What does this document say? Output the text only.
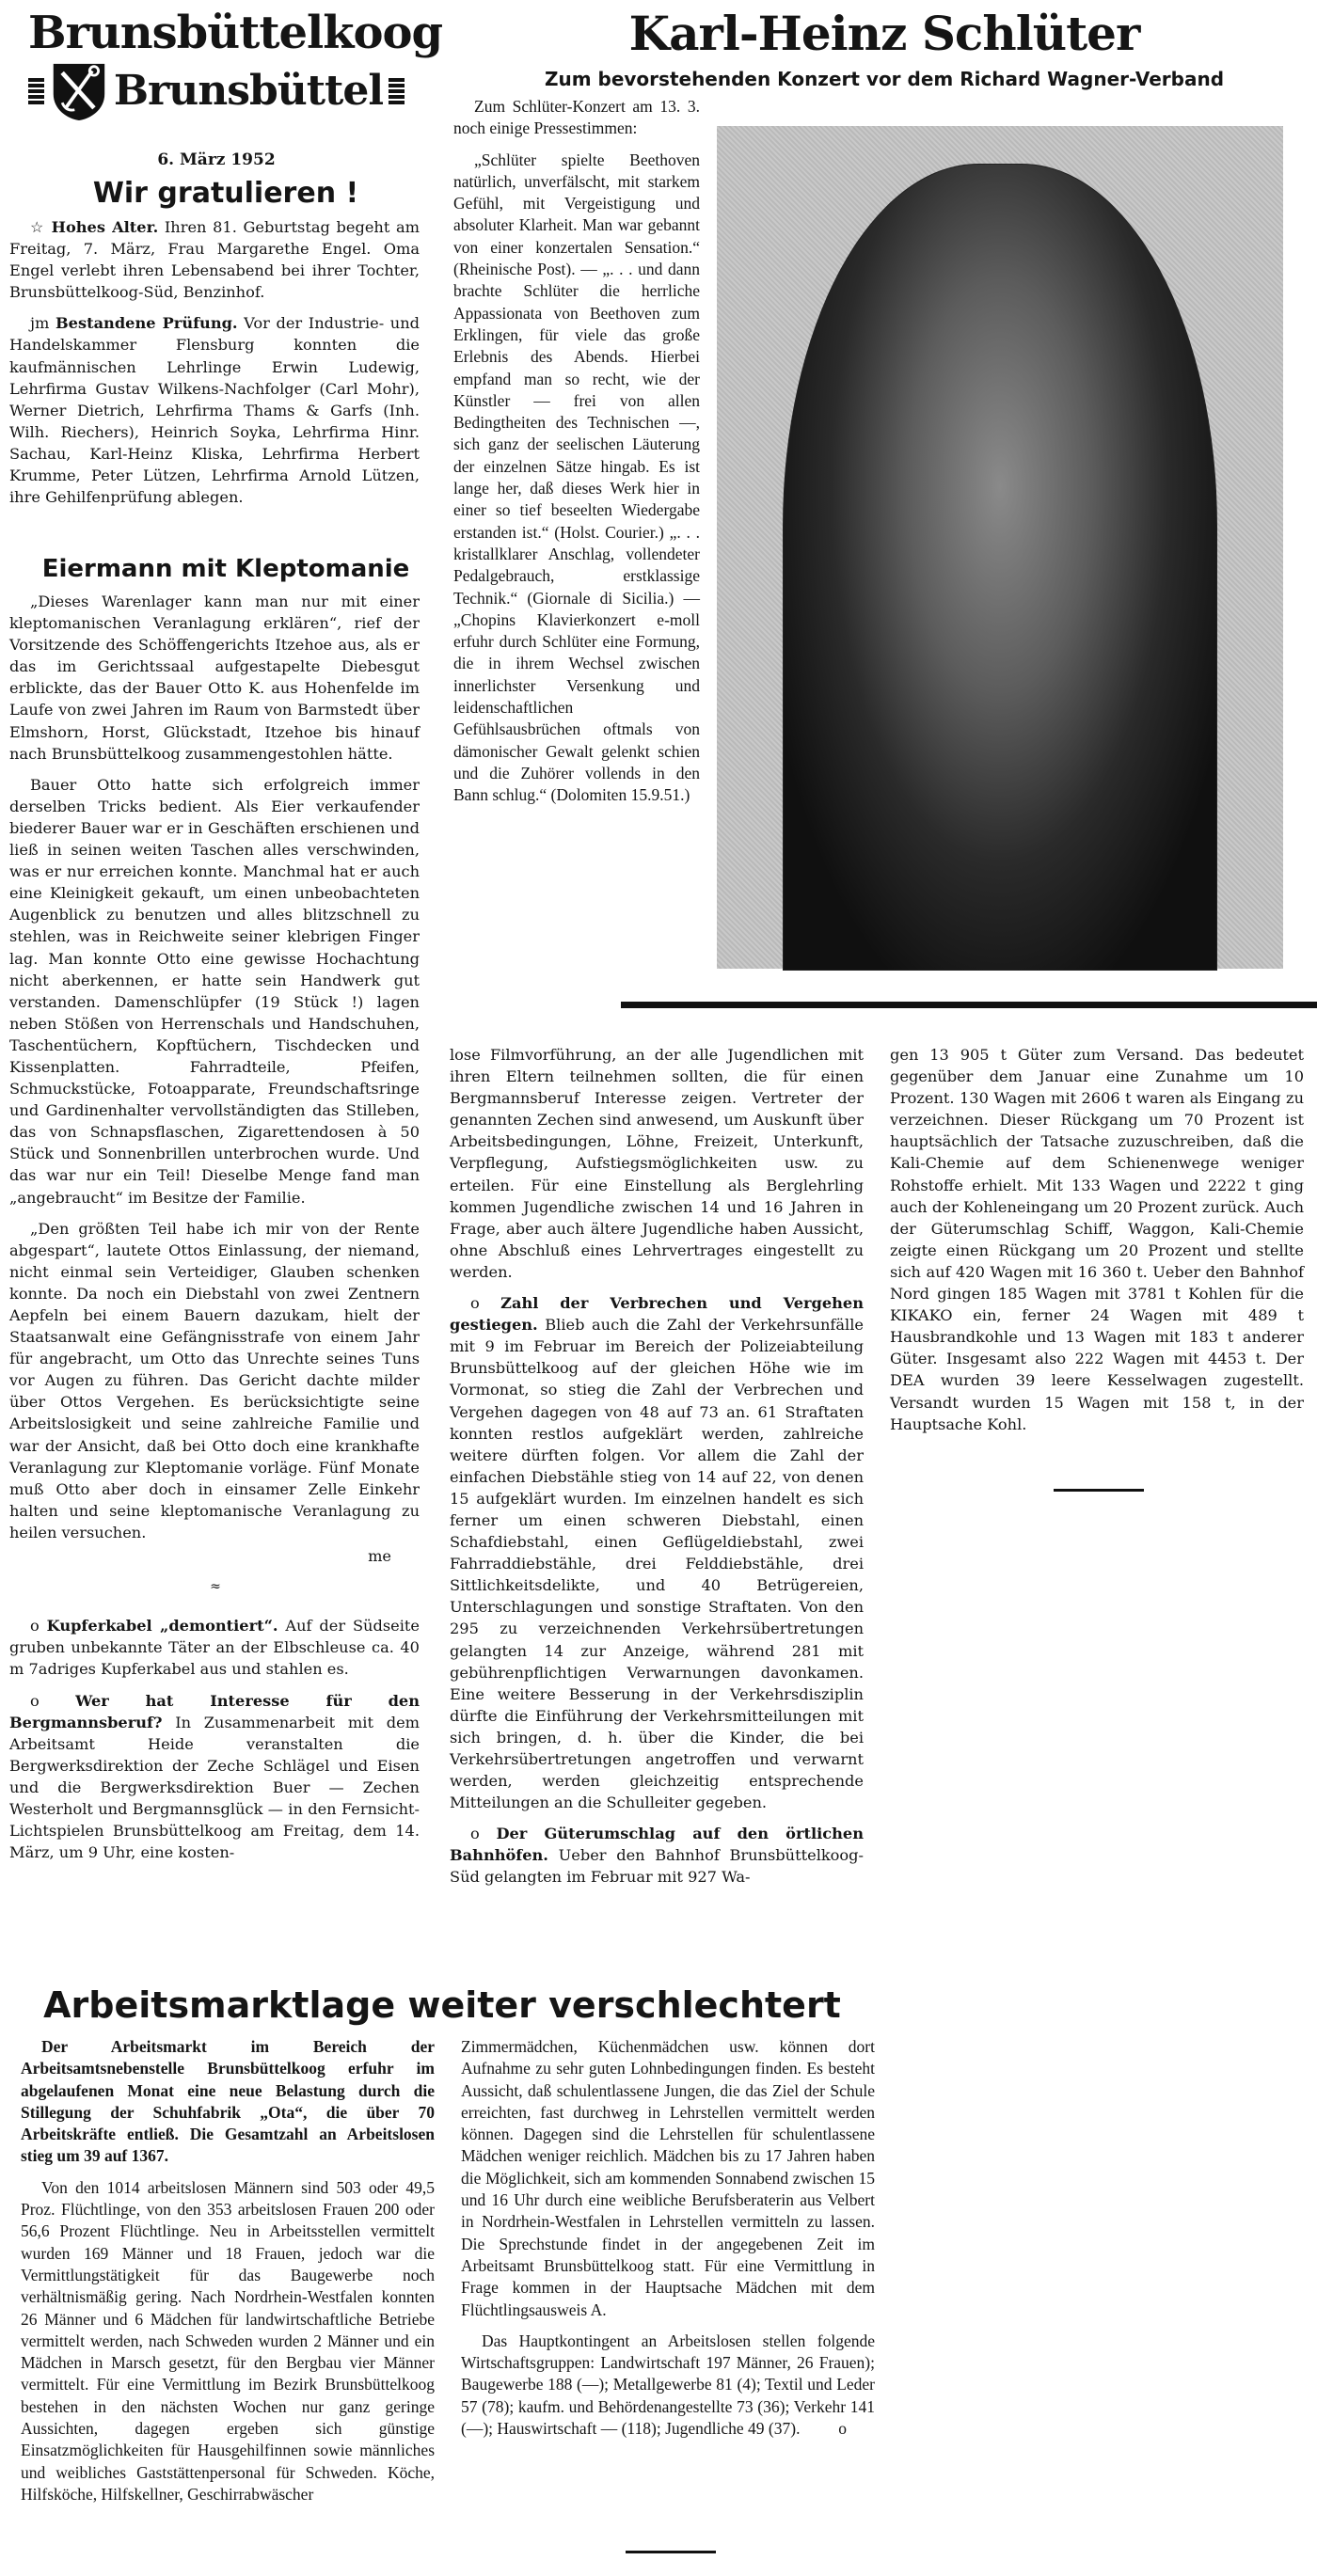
Brunsbüttelkoog
Brunsbüttel
6. März 1952
Wir gratulieren !

☆ Hohes Alter. Ihren 81. Geburtstag begeht am Freitag, 7. März, Frau Margarethe Engel. Oma Engel verlebt ihren Lebensabend bei ihrer Tochter, Brunsbüttelkoog-Süd, Benzinhof.

jm Bestandene Prüfung. Vor der Industrie- und Handelskammer Flensburg konnten die kaufmännischen Lehrlinge Erwin Ludewig, Lehrfirma Gustav Wilkens-Nachfolger (Carl Mohr), Werner Dietrich, Lehrfirma Thams & Garfs (Inh. Wilh. Riechers), Heinrich Soyka, Lehrfirma Hinr. Sachau, Karl-Heinz Kliska, Lehrfirma Herbert Krumme, Peter Lützen, Lehrfirma Arnold Lützen, ihre Gehilfenprüfung ablegen.

Eiermann mit Kleptomanie

„Dieses Warenlager kann man nur mit einer kleptomanischen Veranlagung erklären“, rief der Vorsitzende des Schöffengerichts Itzehoe aus, als er das im Gerichtssaal aufgestapelte Diebesgut erblickte, das der Bauer Otto K. aus Hohenfelde im Laufe von zwei Jahren im Raum von Barmstedt über Elmshorn, Horst, Glückstadt, Itzehoe bis hinauf nach Brunsbüttelkoog zusammengestohlen hätte.

Bauer Otto hatte sich erfolgreich immer derselben Tricks bedient. Als Eier verkaufender biederer Bauer war er in Geschäften erschienen und ließ in seinen weiten Taschen alles verschwinden, was er nur erreichen konnte. Manchmal hat er auch eine Kleinigkeit gekauft, um einen unbeobachteten Augenblick zu benutzen und alles blitzschnell zu stehlen, was in Reichweite seiner klebrigen Finger lag. Man konnte Otto eine gewisse Hochachtung nicht aberkennen, er hatte sein Handwerk gut verstanden. Damenschlüpfer (19 Stück !) lagen neben Stößen von Herrenschals und Handschuhen, Taschentüchern, Kopftüchern, Tischdecken und Kissenplatten. Fahrradteile, Pfeifen, Schmuckstücke, Fotoapparate, Freundschaftsringe und Gardinenhalter vervollständigten das Stilleben, das von Schnapsflaschen, Zigarettendosen à 50 Stück und Sonnenbrillen unterbrochen wurde. Und das war nur ein Teil! Dieselbe Menge fand man „angebraucht“ im Besitze der Familie.

„Den größten Teil habe ich mir von der Rente abgespart“, lautete Ottos Einlassung, der niemand, nicht einmal sein Verteidiger, Glauben schenken konnte. Da noch ein Diebstahl von zwei Zentnern Aepfeln bei einem Bauern dazukam, hielt der Staatsanwalt eine Gefängnisstrafe von einem Jahr für angebracht, um Otto das Unrechte seines Tuns vor Augen zu führen. Das Gericht dachte milder über Ottos Vergehen. Es berücksichtigte seine Arbeitslosigkeit und seine zahlreiche Familie und war der Ansicht, daß bei Otto doch eine krankhafte Veranlagung zur Kleptomanie vorläge. Fünf Monate muß Otto aber doch in einsamer Zelle Einkehr halten und seine kleptomanische Veranlagung zu heilen versuchen.

me
≈

o Kupferkabel „demontiert“. Auf der Südseite gruben unbekannte Täter an der Elbschleuse ca. 40 m 7adriges Kupferkabel aus und stahlen es.

o Wer hat Interesse für den Bergmannsberuf? In Zusammenarbeit mit dem Arbeitsamt Heide veranstalten die Bergwerksdirektion der Zeche Schlägel und Eisen und die Bergwerksdirektion Buer — Zechen Westerholt und Bergmannsglück — in den Fernsicht-Lichtspielen Brunsbüttelkoog am Freitag, dem 14. März, um 9 Uhr, eine kosten-

Karl-Heinz Schlüter
Zum bevorstehenden Konzert vor dem Richard Wagner-Verband

Zum Schlüter-Konzert am 13. 3. noch einige Pressestimmen:

„Schlüter spielte Beethoven natürlich, unverfälscht, mit starkem Gefühl, mit Vergeistigung und absoluter Klarheit. Man war gebannt von einer konzertalen Sensation.“ (Rheinische Post). — „. . . und dann brachte Schlüter die herrliche Appassionata von Beethoven zum Erklingen, für viele das große Erlebnis des Abends. Hierbei empfand man so recht, wie der Künstler — frei von allen Bedingtheiten des Technischen —, sich ganz der seelischen Läuterung der einzelnen Sätze hingab. Es ist lange her, daß dieses Werk hier in einer so tief beseelten Wiedergabe erstanden ist.“ (Holst. Courier.) „. . . kristallklarer Anschlag, vollendeter Pedalgebrauch, erstklassige Technik.“ (Giornale di Sicilia.) — „Chopins Klavierkonzert e-moll erfuhr durch Schlüter eine Formung, die in ihrem Wechsel zwischen innerlichster Versenkung und leidenschaftlichen Gefühlsausbrüchen oftmals von dämonischer Gewalt gelenkt schien und die Zuhörer vollends in den Bann schlug.“ (Dolomiten 15.9.51.)

lose Filmvorführung, an der alle Jugendlichen mit ihren Eltern teilnehmen sollten, die für einen Bergmannsberuf Interesse zeigen. Vertreter der genannten Zechen sind anwesend, um Auskunft über Arbeitsbedingungen, Löhne, Freizeit, Unterkunft, Verpflegung, Aufstiegsmöglichkeiten usw. zu erteilen. Für eine Einstellung als Berglehrling kommen Jugendliche zwischen 14 und 16 Jahren in Frage, aber auch ältere Jugendliche haben Aussicht, ohne Abschluß eines Lehrvertrages eingestellt zu werden.

o Zahl der Verbrechen und Vergehen gestiegen. Blieb auch die Zahl der Verkehrsunfälle mit 9 im Februar im Bereich der Polizeiabteilung Brunsbüttelkoog auf der gleichen Höhe wie im Vormonat, so stieg die Zahl der Verbrechen und Vergehen dagegen von 48 auf 73 an. 61 Straftaten konnten restlos aufgeklärt werden, zahlreiche weitere dürften folgen. Vor allem die Zahl der einfachen Diebstähle stieg von 14 auf 22, von denen 15 aufgeklärt wurden. Im einzelnen handelt es sich ferner um einen schweren Diebstahl, einen Schafdiebstahl, einen Geflügeldiebstahl, zwei Fahrraddiebstähle, drei Felddiebstähle, drei Sittlichkeitsdelikte, und 40 Betrügereien, Unterschlagungen und sonstige Straftaten. Von den 295 zu verzeichnenden Verkehrsübertretungen gelangten 14 zur Anzeige, während 281 mit gebührenpflichtigen Verwarnungen davonkamen. Eine weitere Besserung in der Verkehrsdisziplin dürfte die Einführung der Verkehrsmitteilungen mit sich bringen, d. h. über die Kinder, die bei Verkehrsübertretungen angetroffen und verwarnt werden, werden gleichzeitig entsprechende Mitteilungen an die Schulleiter gegeben.

o Der Güterumschlag auf den örtlichen Bahnhöfen. Ueber den Bahnhof Brunsbüttelkoog-Süd gelangten im Februar mit 927 Wa-

gen 13 905 t Güter zum Versand. Das bedeutet gegenüber dem Januar eine Zunahme um 10 Prozent. 130 Wagen mit 2606 t waren als Eingang zu verzeichnen. Dieser Rückgang um 70 Prozent ist hauptsächlich der Tatsache zuzuschreiben, daß die Kali-Chemie auf dem Schienenwege weniger Rohstoffe erhielt. Mit 133 Wagen und 2222 t ging auch der Kohleneingang um 20 Prozent zurück. Auch der Güterumschlag Schiff, Waggon, Kali-Chemie zeigte einen Rückgang um 20 Prozent und stellte sich auf 420 Wagen mit 16 360 t. Ueber den Bahnhof Nord gingen 185 Wagen mit 3781 t Kohlen für die KIKAKO ein, ferner 24 Wagen mit 489 t Hausbrandkohle und 13 Wagen mit 183 t anderer Güter. Insgesamt also 222 Wagen mit 4453 t. Der DEA wurden 39 leere Kesselwagen zugestellt. Versandt wurden 15 Wagen mit 158 t, in der Hauptsache Kohl.

Arbeitsmarktlage weiter verschlechtert

Der Arbeitsmarkt im Bereich der Arbeitsamtsnebenstelle Brunsbüttelkoog erfuhr im abgelaufenen Monat eine neue Belastung durch die Stillegung der Schuhfabrik „Ota“, die über 70 Arbeitskräfte entließ. Die Gesamtzahl an Arbeitslosen stieg um 39 auf 1367.

Von den 1014 arbeitslosen Männern sind 503 oder 49,5 Proz. Flüchtlinge, von den 353 arbeitslosen Frauen 200 oder 56,6 Prozent Flüchtlinge. Neu in Arbeitsstellen vermittelt wurden 169 Männer und 18 Frauen, jedoch war die Vermittlungstätigkeit für das Baugewerbe noch verhältnismäßig gering. Nach Nordrhein-Westfalen konnten 26 Männer und 6 Mädchen für landwirtschaftliche Betriebe vermittelt werden, nach Schweden wurden 2 Männer und ein Mädchen in Marsch gesetzt, für den Bergbau vier Männer vermittelt. Für eine Vermittlung im Bezirk Brunsbüttelkoog bestehen in den nächsten Wochen nur ganz geringe Aussichten, dagegen ergeben sich günstige Einsatzmöglichkeiten für Hausgehilfinnen sowie männliches und weibliches Gaststättenpersonal für Schweden. Köche, Hilfsköche, Hilfskellner, Geschirrabwäscher

Zimmermädchen, Küchenmädchen usw. können dort Aufnahme zu sehr guten Lohnbedingungen finden. Es besteht Aussicht, daß schulentlassene Jungen, die das Ziel der Schule erreichten, fast durchweg in Lehrstellen vermittelt werden können. Dagegen sind die Lehrstellen für schulentlassene Mädchen weniger reichlich. Mädchen bis zu 17 Jahren haben die Möglichkeit, sich am kommenden Sonnabend zwischen 15 und 16 Uhr durch eine weibliche Berufsberaterin aus Velbert in Nordrhein-Westfalen in Lehrstellen vermitteln zu lassen. Die Sprechstunde findet in der angegebenen Zeit im Arbeitsamt Brunsbüttelkoog statt. Für eine Vermittlung in Frage kommen in der Hauptsache Mädchen mit dem Flüchtlingsausweis A.

Das Hauptkontingent an Arbeitslosen stellen folgende Wirtschaftsgruppen: Landwirtschaft 197 Männer, 26 Frauen); Baugewerbe 188 (—); Metallgewerbe 81 (4); Textil und Leder 57 (78); kaufm. und Behördenangestellte 73 (36); Verkehr 141 (—); Hauswirtschaft — (118); Jugendliche 49 (37).	o
